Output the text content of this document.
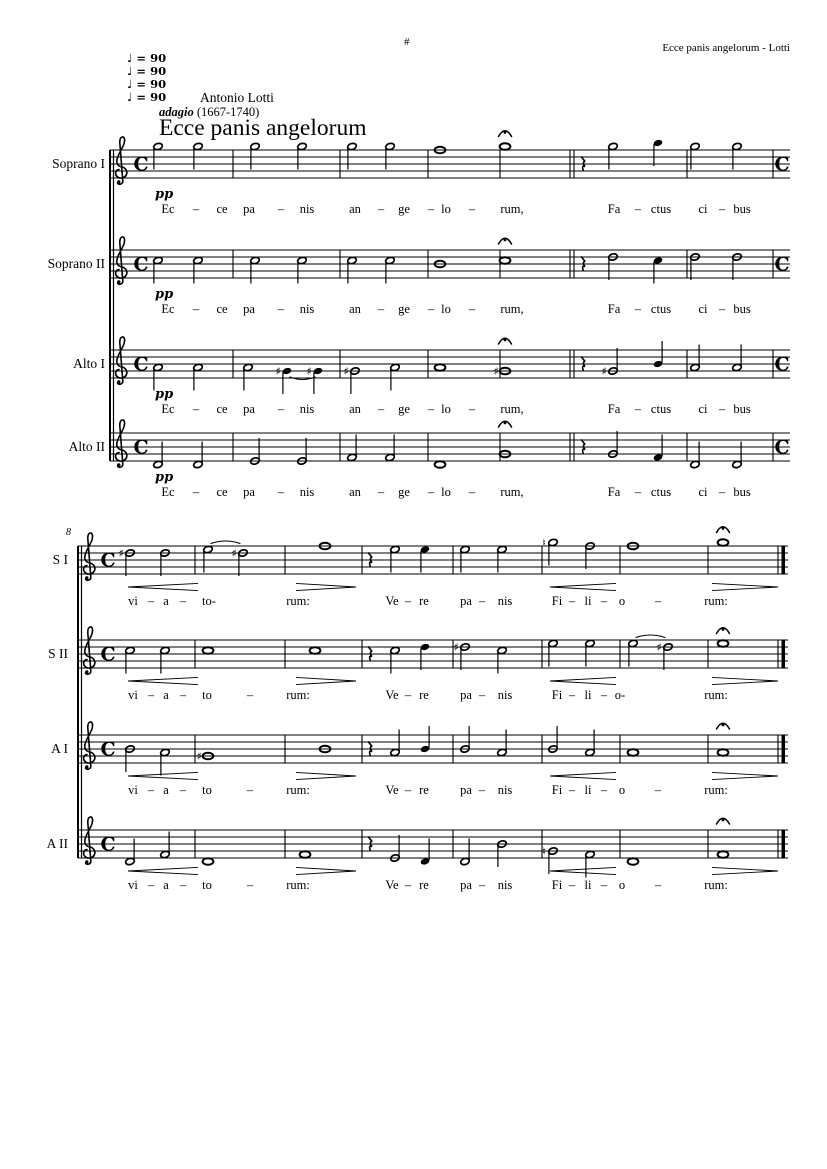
#	Ecce panis angelorum - Lotti
♩ = 90
♩ = 90
♩ = 90
♩ = 90	Antonio Lotti
adagio (1667-1740)
Ecce panis angelorum
C	C
C	C
C	C
♯ ♯	♯	♯	♯
C	C
C ♯	♯
♮
C	♯	♯
C	♯
C	♮
Soprano I
pp
Ec – ce pa – nis	an – ge – lo – rum,	Fa – ctus ci – bus
Soprano II
pp
Ec – ce pa – nis	an – ge – lo – rum,	Fa – ctus ci – bus
Alto I
pp
Ec – ce pa – nis	an – ge – lo – rum,	Fa – ctus ci – bus
Alto II
pp
Ec – ce pa – nis	an – ge – lo – rum,	Fa – ctus ci – bus
8
S I
vi – a – to-	rum:	Ve – re pa – nis	Fi – li – o –	rum:
S II
vi – a – to	–	rum:	Ve – re pa – nis	Fi – li – o-	rum:
A I
vi – a – to	–	rum:	Ve – re pa – nis	Fi – li – o –	rum:
A II
vi – a – to	–	rum:	Ve – re pa – nis	Fi – li – o –	rum:
